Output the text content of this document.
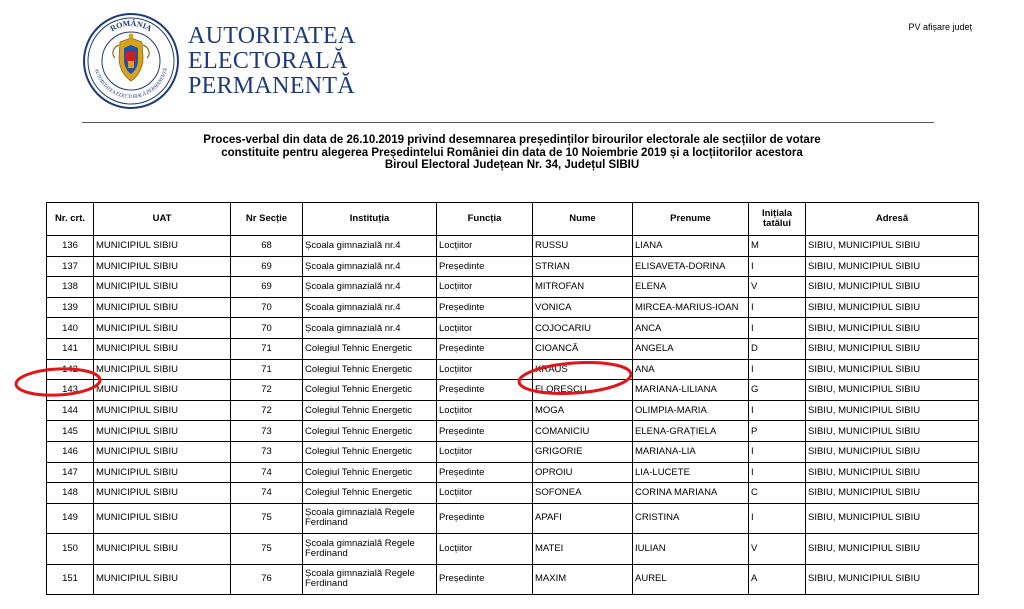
PV afișare județ
ROMÂNIA
AUTORITATEA ELECTORALĂ PERMANENTĂ
AUTORITATEA
ELECTORALĂ
PERMANENTĂ
Proces-verbal din data de 26.10.2019 privind desemnarea președinților birourilor electorale ale secțiilor de votare
constituite pentru alegerea Președintelui României din data de 10 Noiembrie 2019 și a locțiitorilor acestora
Biroul Electoral Județean Nr. 34, Județul SIBIU
Nr. crt.	UAT	Nr Secție	Instituția	Funcția	Nume	Prenume	Inițiala tatălui	Adresă
136	MUNICIPIUL SIBIU	68	Școala gimnazială nr.4	Locțiitor	RUSSU	LIANA	M	SIBIU, MUNICIPIUL SIBIU
137	MUNICIPIUL SIBIU	69	Școala gimnazială nr.4	Președinte	STRIAN	ELISAVETA-DORINA	I	SIBIU, MUNICIPIUL SIBIU
138	MUNICIPIUL SIBIU	69	Școala gimnazială nr.4	Locțiitor	MITROFAN	ELENA	V	SIBIU, MUNICIPIUL SIBIU
139	MUNICIPIUL SIBIU	70	Școala gimnazială nr.4	Președinte	VONICA	MIRCEA-MARIUS-IOAN	I	SIBIU, MUNICIPIUL SIBIU
140	MUNICIPIUL SIBIU	70	Școala gimnazială nr.4	Locțiitor	COJOCARIU	ANCA	I	SIBIU, MUNICIPIUL SIBIU
141	MUNICIPIUL SIBIU	71	Colegiul Tehnic Energetic	Președinte	CIOANCĂ	ANGELA	D	SIBIU, MUNICIPIUL SIBIU
142	MUNICIPIUL SIBIU	71	Colegiul Tehnic Energetic	Locțiitor	KRAUS	ANA	I	SIBIU, MUNICIPIUL SIBIU
143	MUNICIPIUL SIBIU	72	Colegiul Tehnic Energetic	Președinte	FLORESCU	MARIANA-LILIANA	G	SIBIU, MUNICIPIUL SIBIU
144	MUNICIPIUL SIBIU	72	Colegiul Tehnic Energetic	Locțiitor	MOGA	OLIMPIA-MARIA	I	SIBIU, MUNICIPIUL SIBIU
145	MUNICIPIUL SIBIU	73	Colegiul Tehnic Energetic	Președinte	COMANICIU	ELENA-GRAȚIELA	P	SIBIU, MUNICIPIUL SIBIU
146	MUNICIPIUL SIBIU	73	Colegiul Tehnic Energetic	Locțiitor	GRIGORIE	MARIANA-LIA	I	SIBIU, MUNICIPIUL SIBIU
147	MUNICIPIUL SIBIU	74	Colegiul Tehnic Energetic	Președinte	OPROIU	LIA-LUCETE	I	SIBIU, MUNICIPIUL SIBIU
148	MUNICIPIUL SIBIU	74	Colegiul Tehnic Energetic	Locțiitor	SOFONEA	CORINA MARIANA	C	SIBIU, MUNICIPIUL SIBIU
149	MUNICIPIUL SIBIU	75	Școala gimnazială Regele Ferdinand	Președinte	APAFI	CRISTINA	I	SIBIU, MUNICIPIUL SIBIU
150	MUNICIPIUL SIBIU	75	Școala gimnazială Regele Ferdinand	Locțiitor	MATEI	IULIAN	V	SIBIU, MUNICIPIUL SIBIU
151	MUNICIPIUL SIBIU	76	Școala gimnazială Regele Ferdinand	Președinte	MAXIM	AUREL	A	SIBIU, MUNICIPIUL SIBIU
